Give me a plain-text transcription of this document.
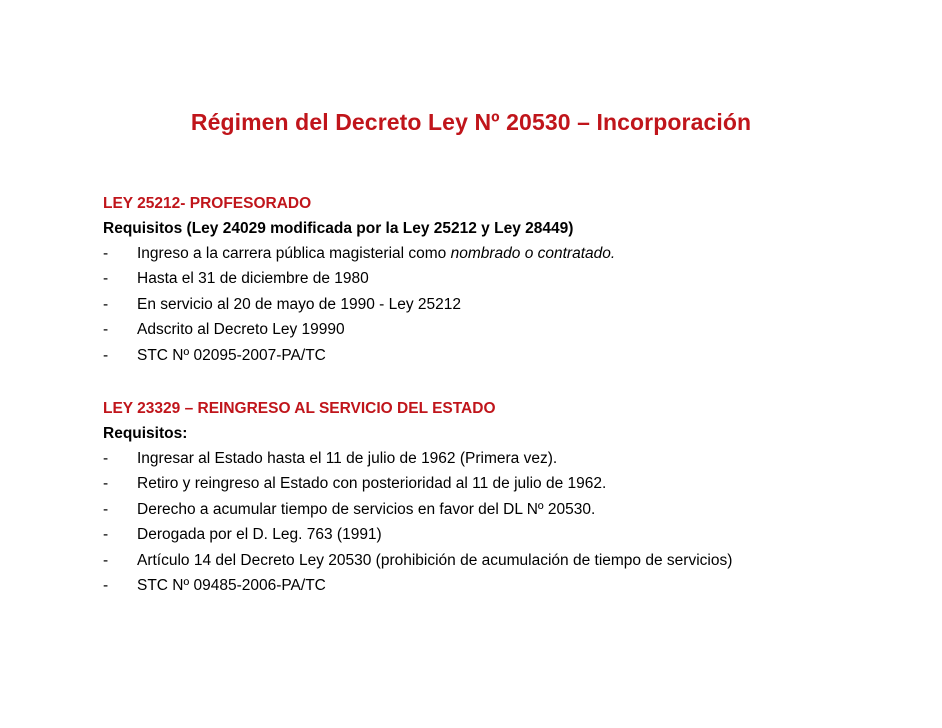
Régimen del Decreto Ley Nº 20530 – Incorporación
LEY 25212- PROFESORADO
Requisitos (Ley 24029 modificada por la Ley 25212 y Ley 28449)
- Ingreso a la carrera pública magisterial como nombrado o contratado.
- Hasta el 31 de diciembre de 1980
- En servicio al 20 de mayo de 1990 - Ley 25212
- Adscrito al Decreto Ley 19990
- STC Nº 02095-2007-PA/TC
LEY 23329 – REINGRESO AL SERVICIO DEL ESTADO
Requisitos:
- Ingresar al Estado hasta el 11 de julio de 1962 (Primera vez).
- Retiro y reingreso al Estado con posterioridad al 11 de julio de 1962.
- Derecho a acumular tiempo de servicios en favor del DL Nº 20530.
- Derogada por el D. Leg. 763 (1991)
- Artículo 14 del Decreto Ley 20530 (prohibición de acumulación de tiempo de servicios)
- STC Nº 09485-2006-PA/TC
